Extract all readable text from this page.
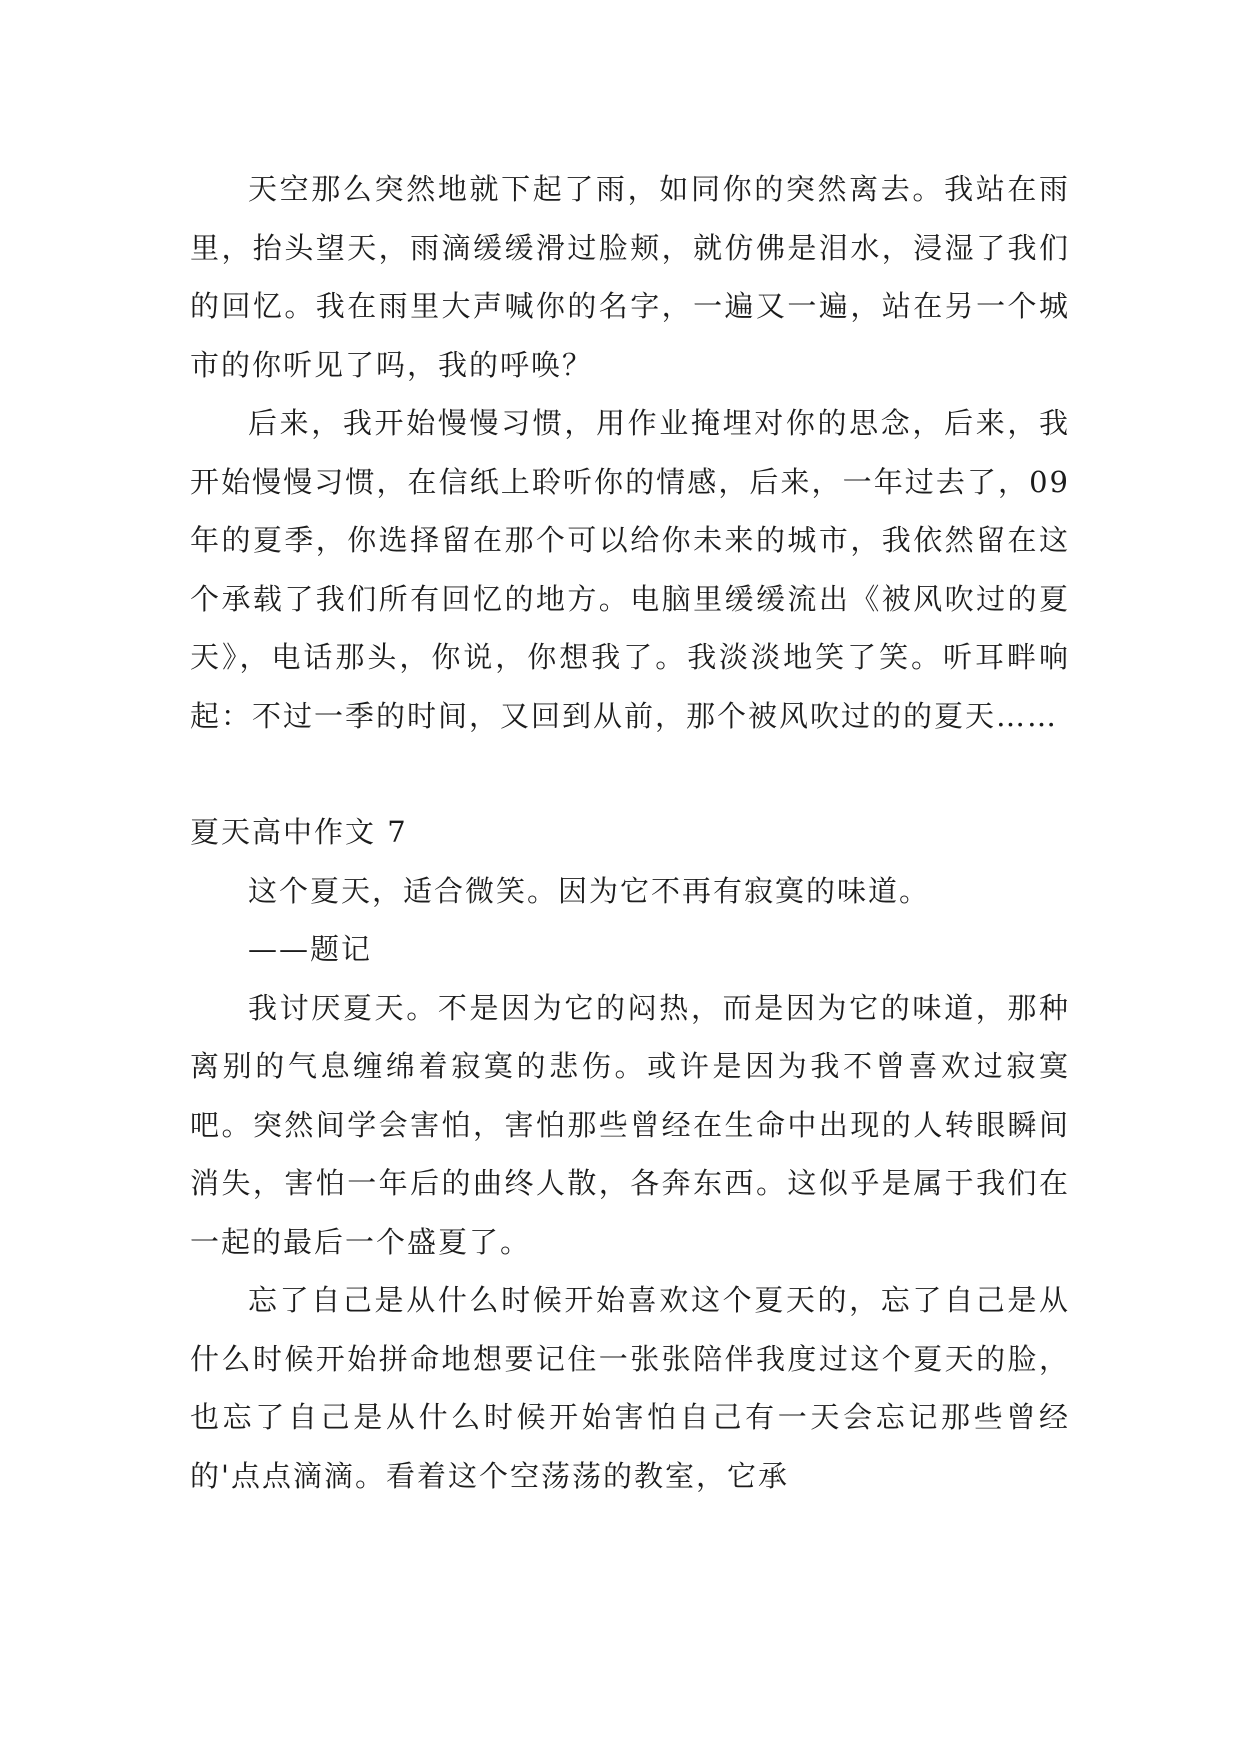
天空那么突然地就下起了雨，如同你的突然离去。我站在雨里，抬头望天，雨滴缓缓滑过脸颊，就仿佛是泪水，浸湿了我们的回忆。我在雨里大声喊你的名字，一遍又一遍，站在另一个城市的你听见了吗，我的呼唤？

后来，我开始慢慢习惯，用作业掩埋对你的思念，后来，我开始慢慢习惯，在信纸上聆听你的情感，后来，一年过去了，09 年的夏季，你选择留在那个可以给你未来的城市，我依然留在这个承载了我们所有回忆的地方。电脑里缓缓流出《被风吹过的夏天》，电话那头，你说，你想我了。我淡淡地笑了笑。听耳畔响起：不过一季的时间，又回到从前，那个被风吹过的的夏天……

夏天高中作文 7

这个夏天，适合微笑。因为它不再有寂寞的味道。

——题记

我讨厌夏天。不是因为它的闷热，而是因为它的味道，那种离别的气息缠绵着寂寞的悲伤。或许是因为我不曾喜欢过寂寞吧。突然间学会害怕，害怕那些曾经在生命中出现的人转眼瞬间消失，害怕一年后的曲终人散，各奔东西。这似乎是属于我们在一起的最后一个盛夏了。

忘了自己是从什么时候开始喜欢这个夏天的，忘了自己是从什么时候开始拼命地想要记住一张张陪伴我度过这个夏天的脸，也忘了自己是从什么时候开始害怕自己有一天会忘记那些曾经的'点点滴滴。看着这个空荡荡的教室，它承
